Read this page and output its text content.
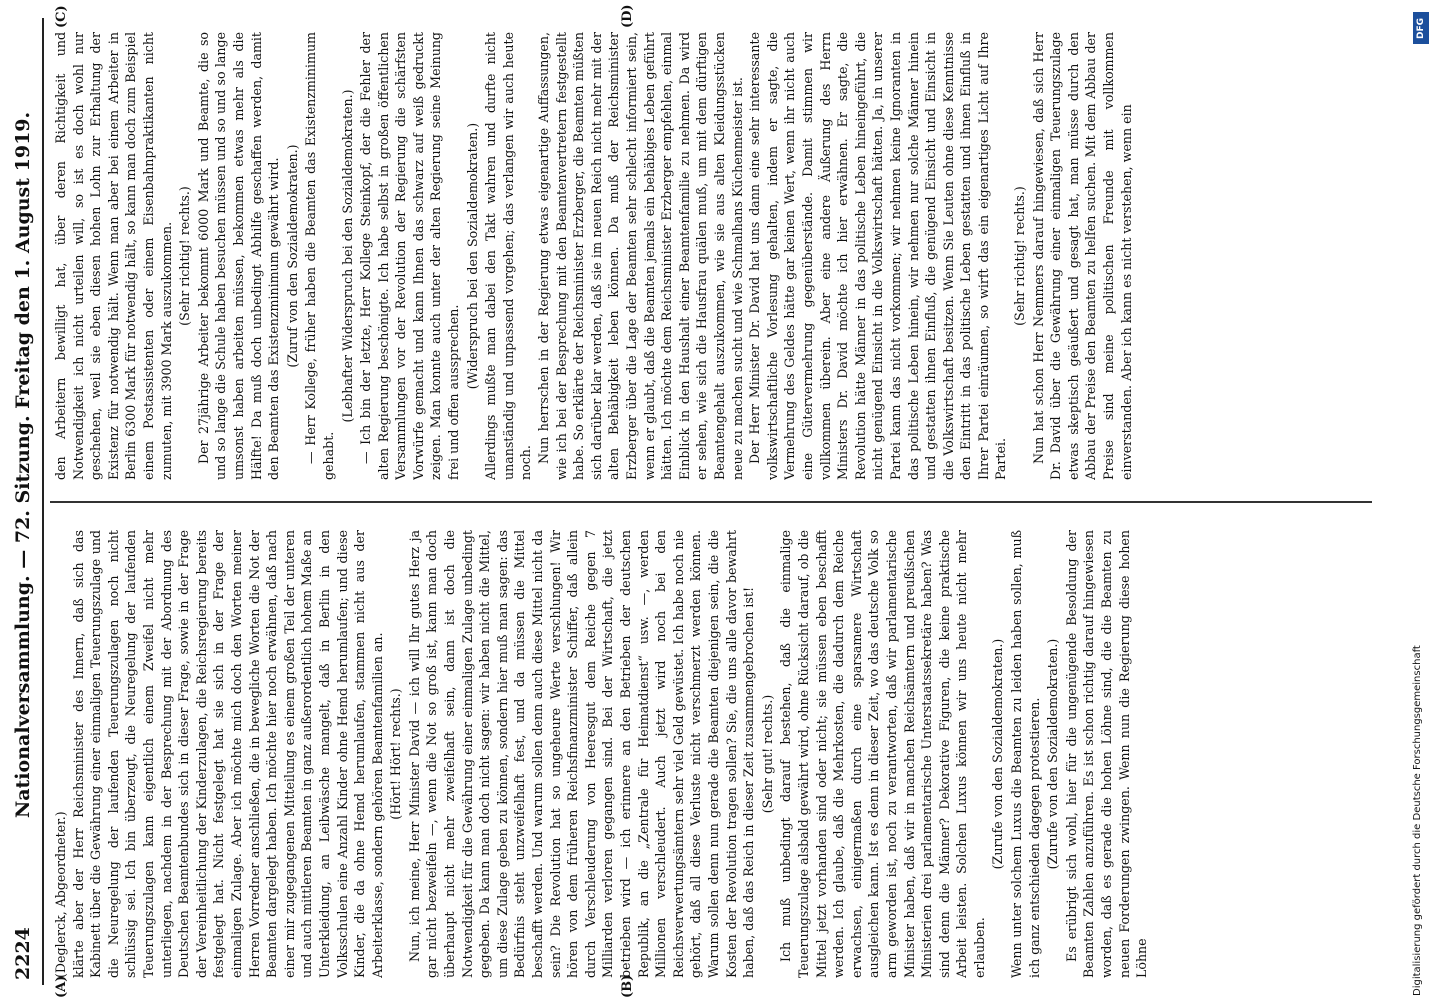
2224
Nationalversammlung. — 72. Sitzung. Freitag den 1. August 1919.
(A)	(B)
(C)	(D)

(Deglerck, Abgeordneter.) klärte aber der Herr Reichsminister des Innern, daß sich das Kabinett über die Gewährung einer einmaligen Teuerungszulage und die Neuregelung der laufenden Teuerungszulagen noch nicht schlüssig sei. Ich bin überzeugt, die Neuregelung der laufenden Teuerungszulagen kann eigentlich einem Zweifel nicht mehr unterliegen, nachdem in der Besprechung mit der Abordnung des Deutschen Beamtenbundes sich in dieser Frage, sowie in der Frage der Vereinheitlichung der Kinderzulagen, die Reichsregierung bereits festgelegt hat. Nicht festgelegt hat sie sich in der Frage der einmaligen Zulage. Aber ich möchte mich doch den Worten meiner Herren Vorredner anschließen, die in bewegliche Worten die Not der Beamten dargelegt haben. Ich möchte hier noch erwähnen, daß nach einer mir zugegangenen Mitteilung es einem großen Teil der unteren und auch mittleren Beamten in ganz außerordentlich hohem Maße an Unterkleidung, an Leibwäsche mangelt, daß in Berlin in den Volksschulen eine Anzahl Kinder ohne Hemd herumlaufen; und diese Kinder, die da ohne Hemd herumlaufen, stammen nicht aus der Arbeiterklasse, sondern gehören Beamtenfamilien an. (Hört! Hört! rechts.) Nun, ich meine, Herr Minister David — ich will Ihr gutes Herz ja gar nicht bezweifeln —, wenn die Not so groß ist, kann man doch überhaupt nicht mehr zweifelhaft sein, dann ist doch die Notwendigkeit für die Gewährung einer einmaligen Zulage unbedingt gegeben. Da kann man doch nicht sagen: wir haben nicht die Mittel, um diese Zulage geben zu können, sondern hier muß man sagen: das Bedürfnis steht unzweifelhaft fest, und da müssen die Mittel beschafft werden. Und warum sollen denn auch diese Mittel nicht da sein? Die Revolution hat so ungeheure Werte verschlungen! Wir hören von dem früheren Reichsfinanzminister Schiffer, daß allein durch Verschleuderung von Heeresgut dem Reiche gegen 7 Milliarden verloren gegangen sind. Bei der Wirtschaft, die jetzt betrieben wird — ich erinnere an den Betrieben der deutschen Republik, an die „Zentrale für Heimatdienst“ usw. —, werden Millionen verschleudert. Auch jetzt wird noch bei den Reichsverwertungsämtern sehr viel Geld gewüstet. Ich habe noch nie gehört, daß all diese Verluste nicht verschmerzt werden können. Warum sollen denn nun gerade die Beamten diejenigen sein, die die Kosten der Revolution tragen sollen? Sie, die uns alle davor bewahrt haben, daß das Reich in dieser Zeit zusammengebrochen ist! (Sehr gut! rechts.) Ich muß unbedingt darauf bestehen, daß die einmalige Teuerungszulage alsbald gewährt wird, ohne Rücksicht darauf, ob die Mittel jetzt vorhanden sind oder nicht; sie müssen eben beschafft werden. Ich glaube, daß die Mehrkosten, die dadurch dem Reiche erwachsen, einigermaßen durch eine sparsamere Wirtschaft ausgleichen kann. Ist es denn in dieser Zeit, wo das deutsche Volk so arm geworden ist, noch zu verantworten, daß wir parlamentarische Minister haben, daß wir in manchen Reichsämtern und preußischen Ministerien drei parlamentarische Unterstaatssekretäre haben? Was sind denn die Männer? Dekorative Figuren, die keine praktische Arbeit leisten. Solchen Luxus können wir uns heute nicht mehr erlauben.

(Zurufe von den Sozialdemokraten.) Wenn unter solchem Luxus die Beamten zu leiden haben sollen, muß ich ganz entschieden dagegen protestieren. (Zurufe von den Sozialdemokraten.) Es erübrigt sich wohl, hier für die ungenügende Besoldung der Beamten Zahlen anzuführen. Es ist schon richtig darauf hingewiesen worden, daß es gerade die hohen Löhne sind, die die Beamten zu neuen Forderungen zwingen. Wenn nun die Regierung diese hohen Löhne

den Arbeitern bewilligt hat, über deren Richtigkeit und Notwendigkeit ich nicht urteilen will, so ist es doch wohl nur geschehen, weil sie eben diesen hohen Lohn zur Erhaltung der Existenz für notwendig hält. Wenn man aber bei einem Arbeiter in Berlin 6300 Mark für notwendig hält, so kann man doch zum Beispiel einem Postassistenten oder einem Eisenbahnpraktikanten nicht zumuten, mit 3900 Mark auszukommen. (Sehr richtig! rechts.) Der 27jährige Arbeiter bekommt 6000 Mark und Beamte, die so und so lange die Schule haben besuchen müssen und so und so lange umsonst haben arbeiten müssen, bekommen etwas mehr als die Hälfte! Da muß doch unbedingt Abhilfe geschaffen werden, damit den Beamten das Existenzminimum gewährt wird. (Zuruf von den Sozialdemokraten.) — Herr Kollege, früher haben die Beamten das Existenzminimum gehabt.

(Lebhafter Widerspruch bei den Sozialdemokraten.) — Ich bin der letzte, Herr Kollege Steinkopf, der die Fehler der alten Regierung beschönigte. Ich habe selbst in großen öffentlichen Versammlungen vor der Revolution der Regierung die schärfsten Vorwürfe gemacht und kann Ihnen das schwarz auf weiß gedruckt zeigen. Man konnte auch unter der alten Regierung seine Meinung frei und offen aussprechen.

(Widerspruch bei den Sozialdemokraten.) Allerdings mußte man dabei den Takt wahren und durfte nicht unanständig und unpassend vorgehen; das verlangen wir auch heute noch. Nun herrschen in der Regierung etwas eigenartige Auffassungen, wie ich bei der Besprechung mit den Beamtenvertretern festgestellt habe. So erklärte der Reichsminister Erzberger, die Beamten müßten sich darüber klar werden, daß sie im neuen Reich nicht mehr mit der alten Behäbigkeit leben können. Da muß der Reichsminister Erzberger über die Lage der Beamten sehr schlecht informiert sein, wenn er glaubt, daß die Beamten jemals ein behäbiges Leben geführt hätten. Ich möchte dem Reichsminister Erzberger empfehlen, einmal Einblick in den Haushalt einer Beamtenfamilie zu nehmen. Da wird er sehen, wie sich die Hausfrau quälen muß, um mit dem dürftigen Beamtengehalt auszukommen, wie sie aus alten Kleidungsstücken neue zu machen sucht und wie Schmalhans Küchenmeister ist. Der Herr Minister Dr. David hat uns dann eine sehr interessante volkswirtschaftliche Vorlesung gehalten, indem er sagte, die Vermehrung des Geldes hätte gar keinen Wert, wenn ihr nicht auch eine Gütervermehrung gegenüberstände. Damit stimmen wir vollkommen überein. Aber eine andere Äußerung des Herrn Ministers Dr. David möchte ich hier erwähnen. Er sagte, die Revolution hätte Männer in das politische Leben hineingeführt, die nicht genügend Einsicht in die Volkswirtschaft hätten. Ja, in unserer Partei kann das nicht vorkommen; wir nehmen keine Ignoranten in das politische Leben hinein, wir nehmen nur solche Männer hinein und gestatten ihnen Einfluß, die genügend Einsicht und Einsicht in die Volkswirtschaft besitzen. Wenn Sie Leuten ohne diese Kenntnisse den Eintritt in das politische Leben gestatten und ihnen Einfluß in Ihrer Partei einräumen, so wirft das ein eigenartiges Licht auf Ihre Partei.

(Sehr richtig! rechts.) Nun hat schon Herr Nemmers darauf hingewiesen, daß sich Herr Dr. David über die Gewährung einer einmaligen Teuerungszulage etwas skeptisch geäußert und gesagt hat, man müsse durch den Abbau der Preise den Beamten zu helfen suchen. Mit dem Abbau der Preise sind meine politischen Freunde mit vollkommen einverstanden. Aber ich kann es nicht verstehen, wenn ein

DFG
Digitalisierung gefördert durch die Deutsche Forschungsgemeinschaft
